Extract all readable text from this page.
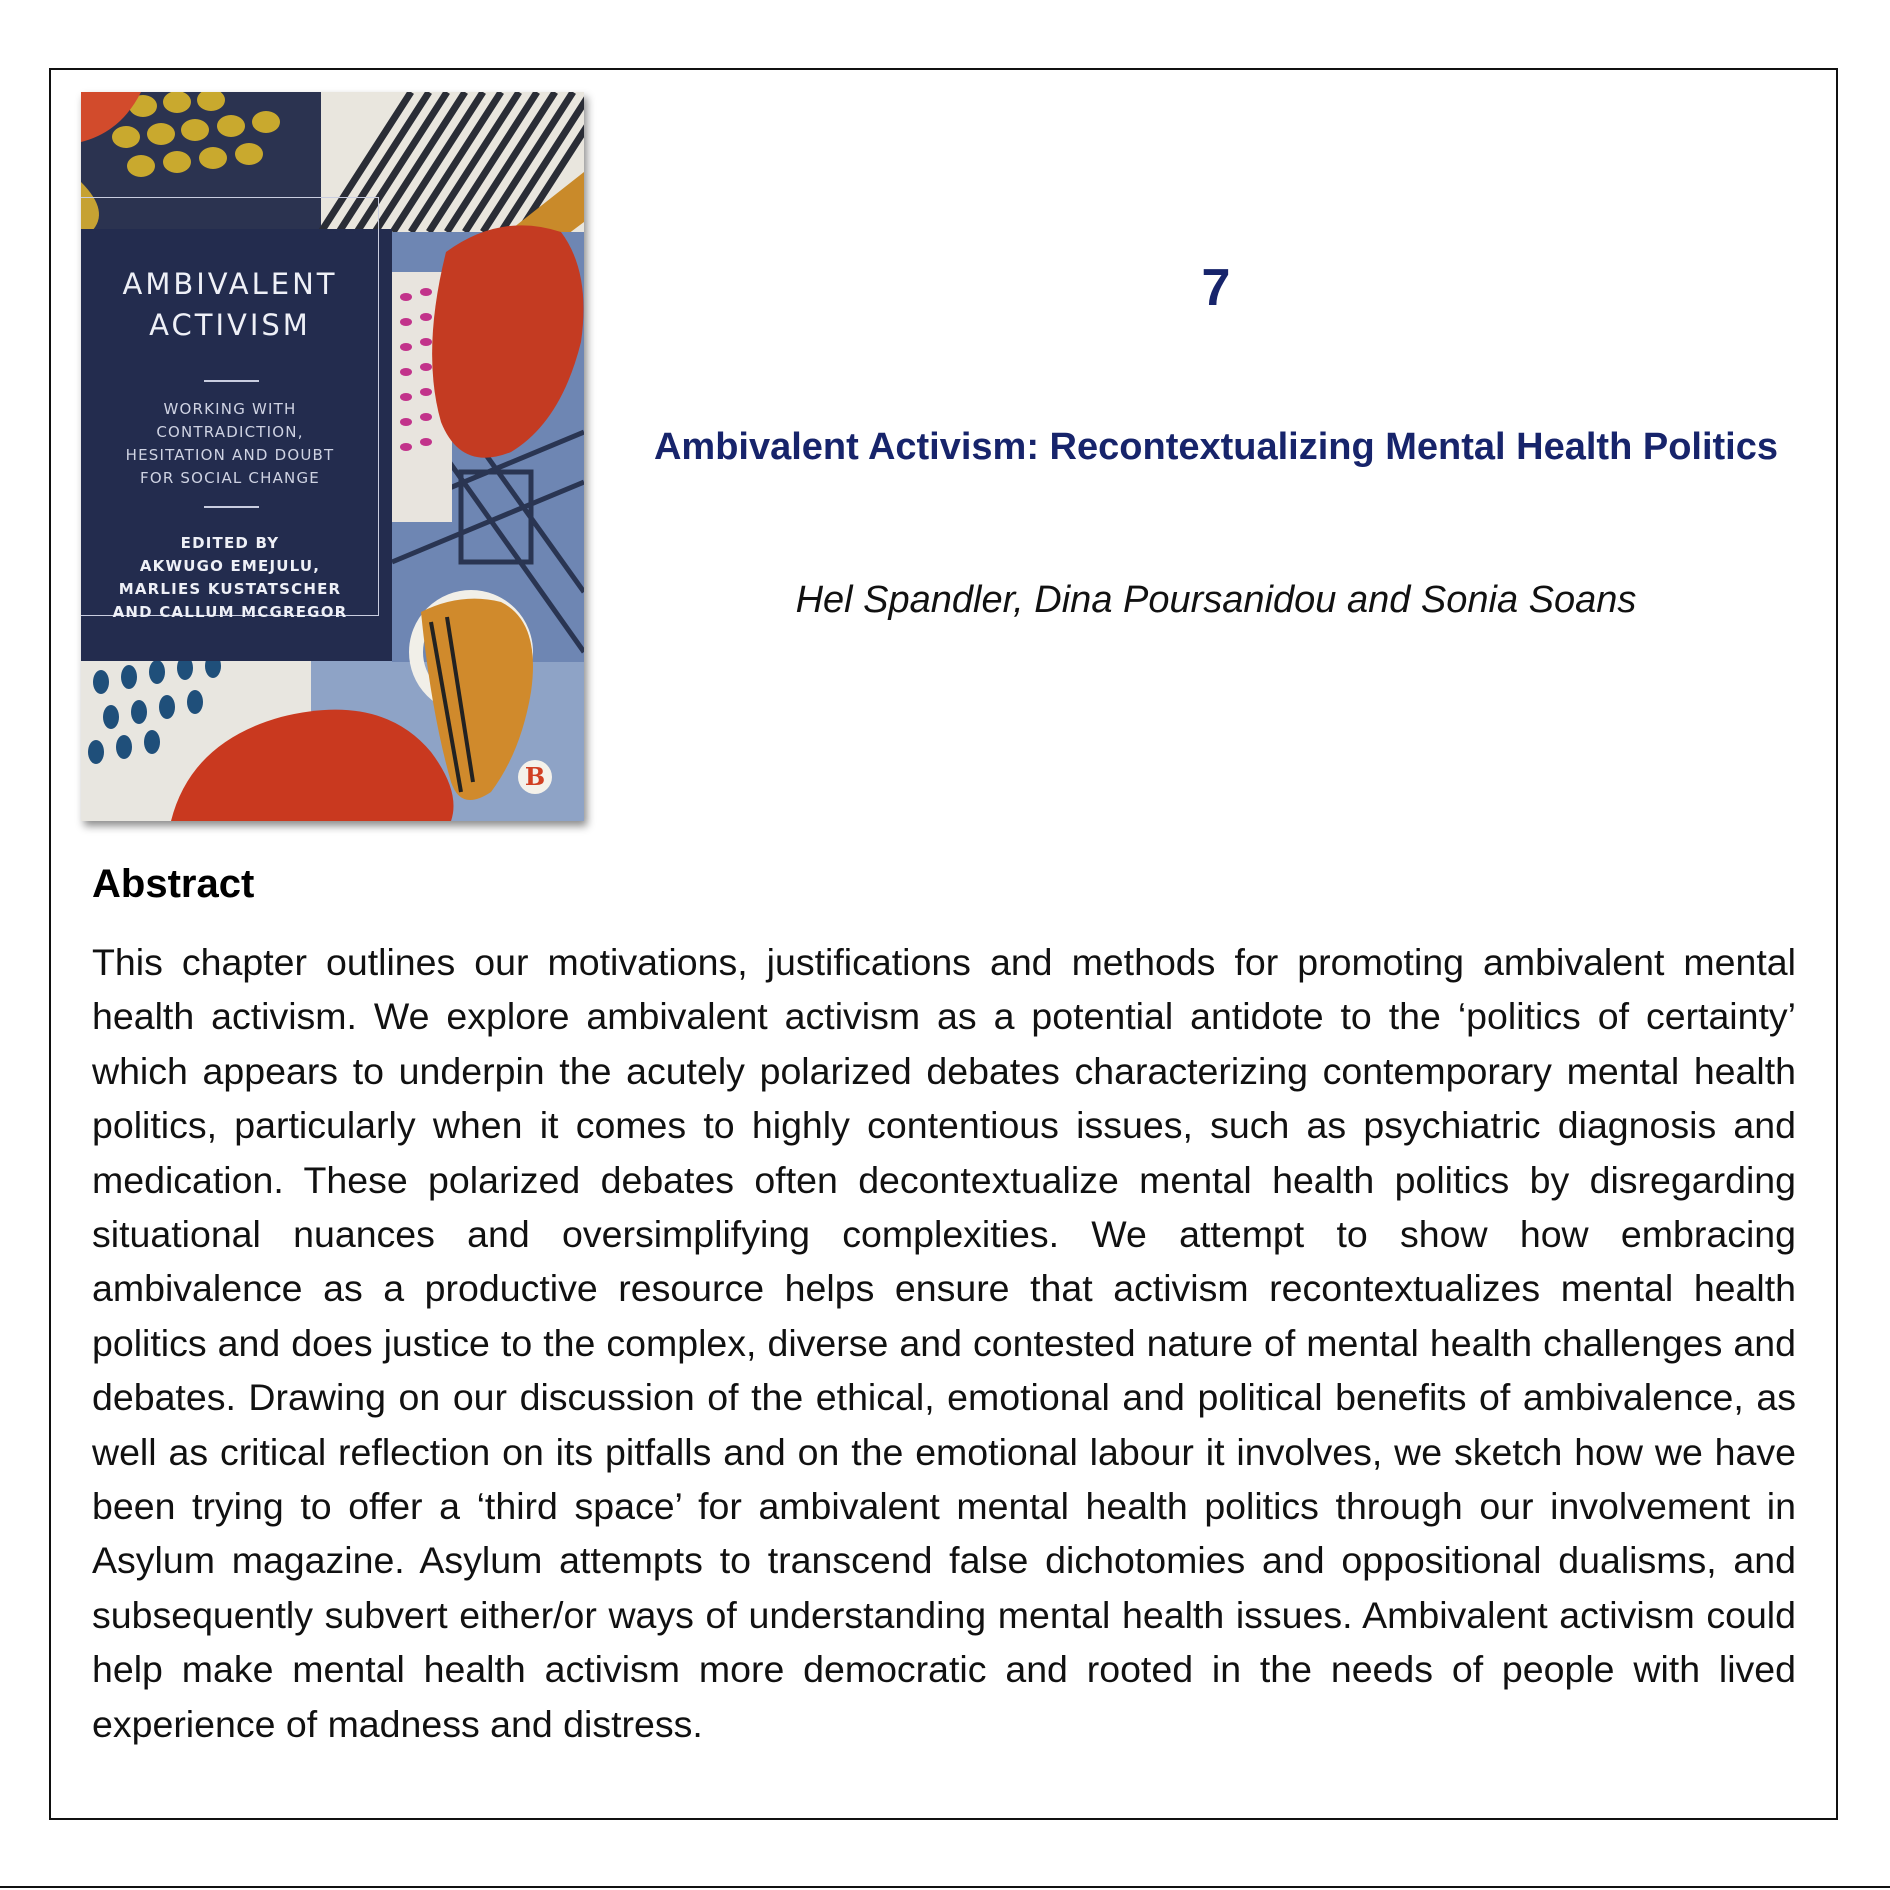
AMBIVALENT
ACTIVISM
WORKING WITH
CONTRADICTION,
HESITATION AND DOUBT
FOR SOCIAL CHANGE
EDITED BY
AKWUGO EMEJULU,
MARLIES KUSTATSCHER
AND CALLUM MCGREGOR
B
7
Ambivalent Activism: Recontextualizing Mental Health Politics
Hel Spandler, Dina Poursanidou and Sonia Soans
Abstract
This chapter outlines our motivations, justifications and methods for promoting ambivalent mental health activism. We explore ambivalent activism as a potential antidote to the ‘politics of certainty’ which appears to underpin the acutely polarized debates characterizing contemporary mental health politics, particularly when it comes to highly contentious issues, such as psychiatric diagnosis and medication. These polarized debates often decontextualize mental health politics by disregarding situational nuances and oversimplifying complexities. We attempt to show how embracing ambivalence as a productive resource helps ensure that activism recontextualizes mental health politics and does justice to the complex, diverse and contested nature of mental health challenges and debates. Drawing on our discussion of the ethical, emotional and political benefits of ambivalence, as well as critical reflection on its pitfalls and on the emotional labour it involves, we sketch how we have been trying to offer a ‘third space’ for ambivalent mental health politics through our involvement in Asylum magazine. Asylum attempts to transcend false dichotomies and oppositional dualisms, and subsequently subvert either/or ways of understanding mental health issues. Ambivalent activism could help make mental health activism more democratic and rooted in the needs of people with lived experience of madness and distress.
